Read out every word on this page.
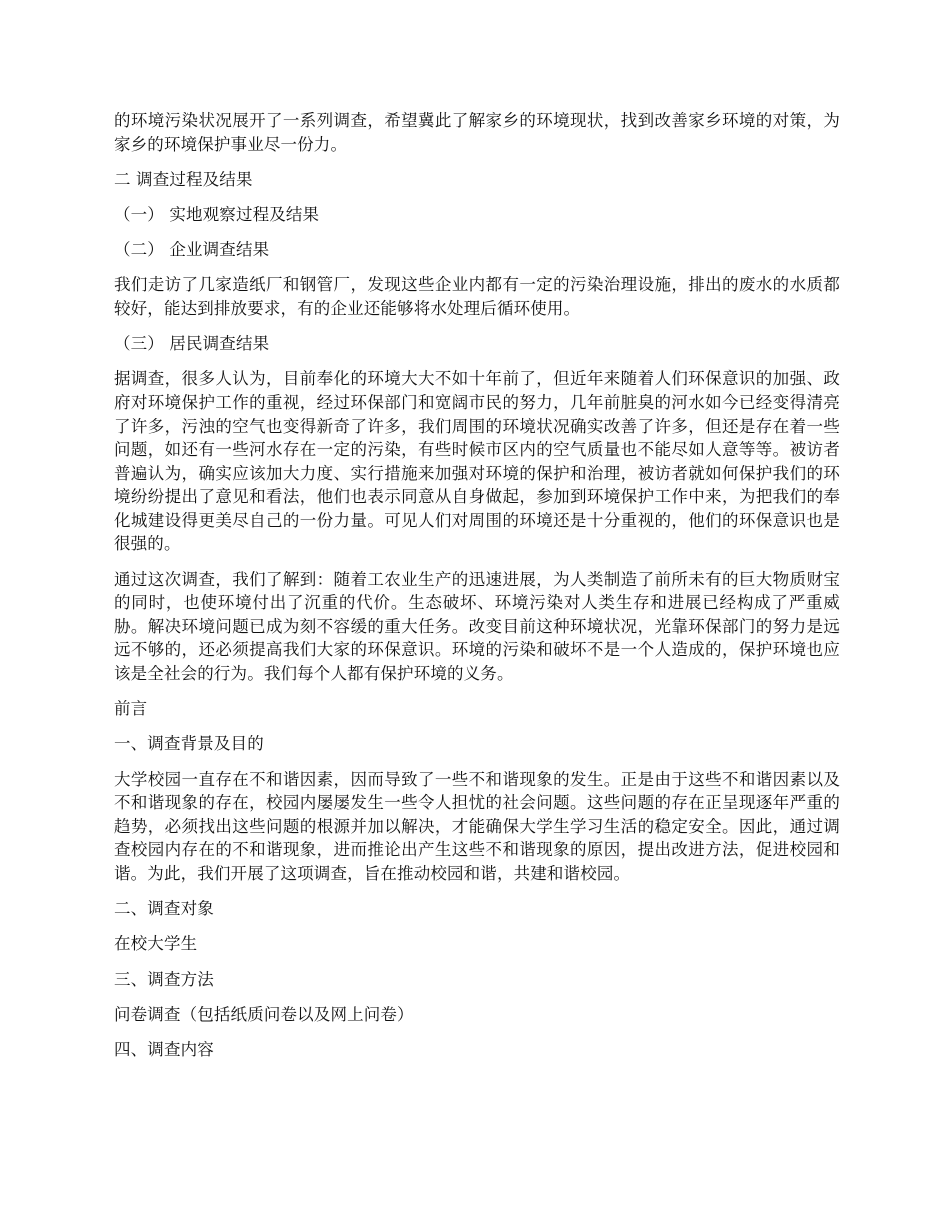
的环境污染状况展开了一系列调查，希望冀此了解家乡的环境现状，找到改善家乡环境的对策，为家乡的环境保护事业尽一份力。

二 调查过程及结果

（一） 实地观察过程及结果

（二） 企业调查结果

我们走访了几家造纸厂和钢管厂，发现这些企业内都有一定的污染治理设施，排出的废水的水质都较好，能达到排放要求，有的企业还能够将水处理后循环使用。

（三） 居民调查结果

据调查，很多人认为，目前奉化的环境大大不如十年前了，但近年来随着人们环保意识的加强、政府对环境保护工作的重视，经过环保部门和宽阔市民的努力，几年前脏臭的河水如今已经变得清亮了许多，污浊的空气也变得新奇了许多，我们周围的环境状况确实改善了许多，但还是存在着一些问题，如还有一些河水存在一定的污染，有些时候市区内的空气质量也不能尽如人意等等。被访者普遍认为，确实应该加大力度、实行措施来加强对环境的保护和治理，被访者就如何保护我们的环境纷纷提出了意见和看法，他们也表示同意从自身做起，参加到环境保护工作中来，为把我们的奉化城建设得更美尽自己的一份力量。可见人们对周围的环境还是十分重视的，他们的环保意识也是很强的。

通过这次调查，我们了解到：随着工农业生产的迅速进展，为人类制造了前所未有的巨大物质财宝的同时，也使环境付出了沉重的代价。生态破坏、环境污染对人类生存和进展已经构成了严重威胁。解决环境问题已成为刻不容缓的重大任务。改变目前这种环境状况，光靠环保部门的努力是远远不够的，还必须提高我们大家的环保意识。环境的污染和破坏不是一个人造成的，保护环境也应该是全社会的行为。我们每个人都有保护环境的义务。

前言

一、调查背景及目的

大学校园一直存在不和谐因素，因而导致了一些不和谐现象的发生。正是由于这些不和谐因素以及不和谐现象的存在，校园内屡屡发生一些令人担忧的社会问题。这些问题的存在正呈现逐年严重的趋势，必须找出这些问题的根源并加以解决，才能确保大学生学习生活的稳定安全。因此，通过调查校园内存在的不和谐现象，进而推论出产生这些不和谐现象的原因，提出改进方法，促进校园和谐。为此，我们开展了这项调查，旨在推动校园和谐，共建和谐校园。

二、调查对象

在校大学生

三、调查方法

问卷调查（包括纸质问卷以及网上问卷）

四、调查内容
